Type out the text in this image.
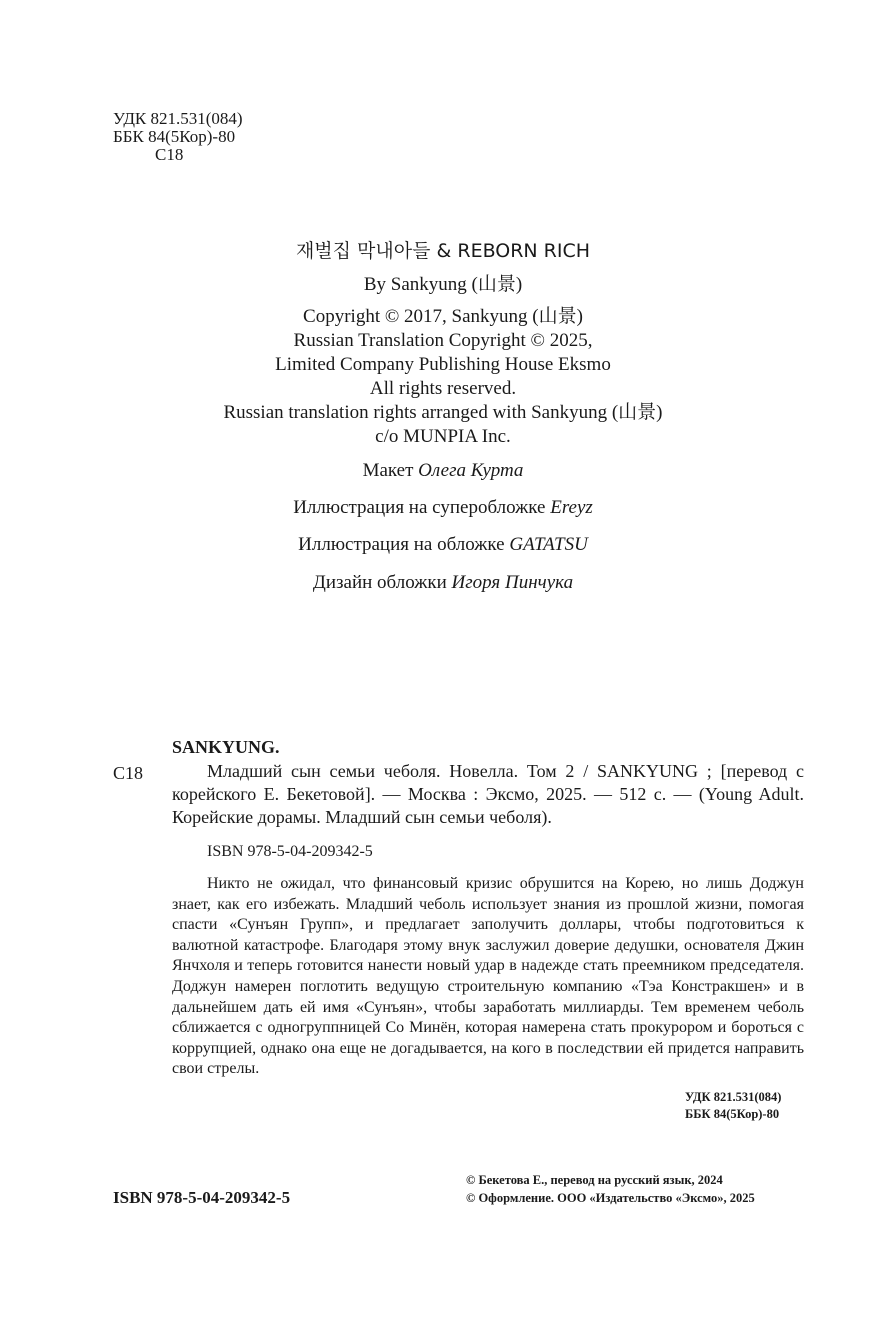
УДК 821.531(084)
ББК 84(5Кор)-80
С18
재벌집 막내아들 & REBORN RICH
By Sankyung (山景)
Copyright © 2017, Sankyung (山景)
Russian Translation Copyright © 2025,
Limited Company Publishing House Eksmo
All rights reserved.
Russian translation rights arranged with Sankyung (山景)
c/o MUNPIA Inc.
Макет Олега Курта
Иллюстрация на суперобложке Ereyz
Иллюстрация на обложке GATATSU
Дизайн обложки Игоря Пинчука
SANKYUNG.
С18	Младший сын семьи чеболя. Новелла. Том 2 / SANKYUNG ; [перевод с корейского Е. Бекетовой]. — Москва : Эксмо, 2025. — 512 с. — (Young Adult. Корейские дорамы. Младший сын семьи чеболя).
ISBN 978-5-04-209342-5
Никто не ожидал, что финансовый кризис обрушится на Корею, но лишь Доджун знает, как его избежать. Младший чеболь использует знания из прошлой жизни, помогая спасти «Сунъян Групп», и предлагает заполучить доллары, чтобы подготовиться к валютной катастрофе. Благодаря этому внук заслужил доверие дедушки, основателя Джин Янчхоля и теперь готовится нанести новый удар в надежде стать преемником председателя. Доджун намерен поглотить ведущую строительную компанию «Тэа Констракшен» и в дальнейшем дать ей имя «Сунъян», чтобы заработать миллиарды. Тем временем чеболь сближается с одногруппницей Со Минён, которая намерена стать прокурором и бороться с коррупцией, однако она еще не догадывается, на кого в последствии ей придется направить свои стрелы.
УДК 821.531(084)
ББК 84(5Кор)-80
ISBN 978-5-04-209342-5
© Бекетова Е., перевод на русский язык, 2024
© Оформление. ООО «Издательство «Эксмо», 2025
